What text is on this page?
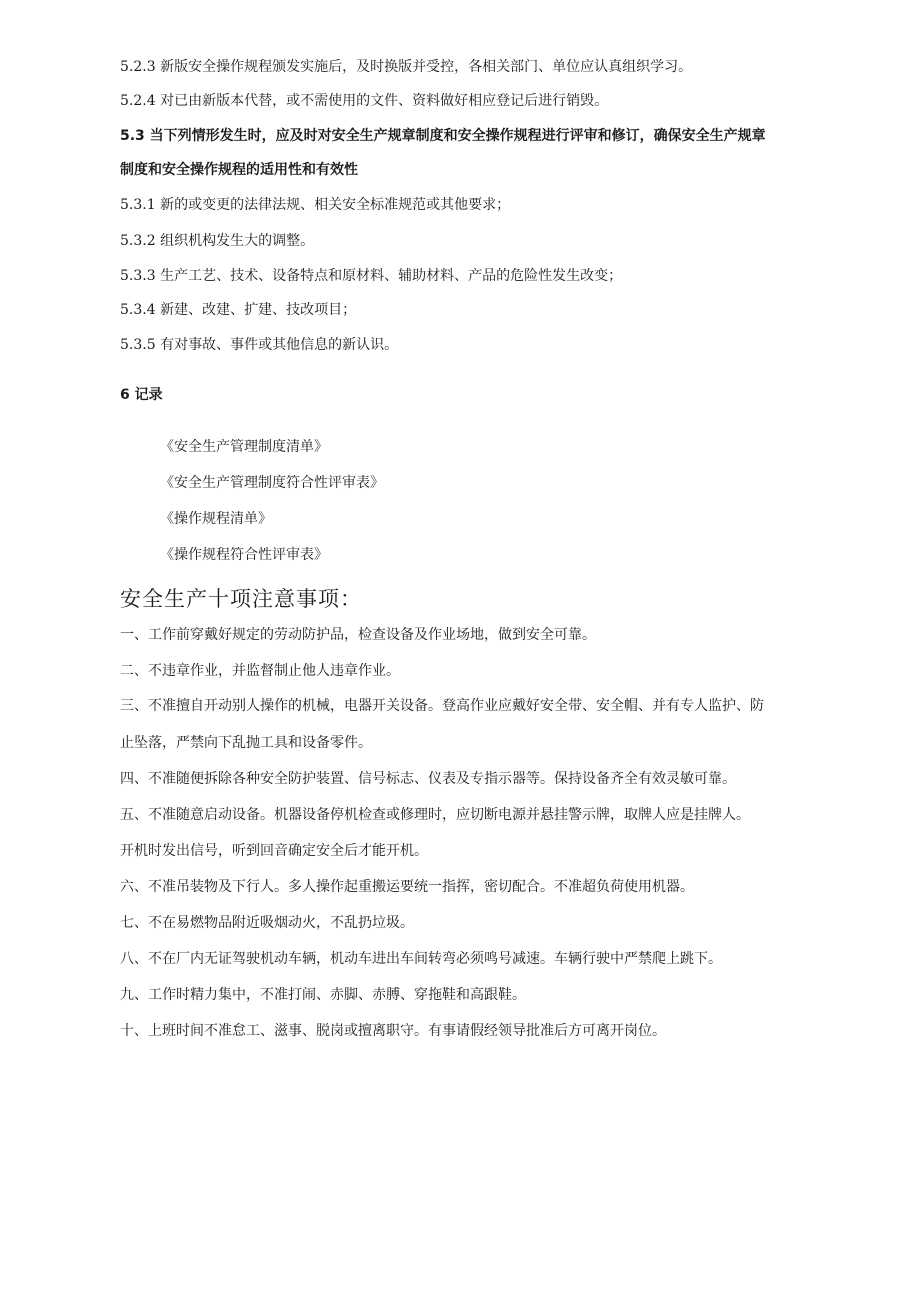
5.2.3 新版安全操作规程颁发实施后，及时换版并受控，各相关部门、单位应认真组织学习。
5.2.4 对已由新版本代替，或不需使用的文件、资料做好相应登记后进行销毁。
5.3 当下列情形发生时，应及时对安全生产规章制度和安全操作规程进行评审和修订，确保安全生产规章
制度和安全操作规程的适用性和有效性
5.3.1 新的或变更的法律法规、相关安全标准规范或其他要求；
5.3.2 组织机构发生大的调整。
5.3.3 生产工艺、技术、设备特点和原材料、辅助材料、产品的危险性发生改变；
5.3.4 新建、改建、扩建、技改项目；
5.3.5 有对事故、事件或其他信息的新认识。
6 记录
《安全生产管理制度清单》
《安全生产管理制度符合性评审表》
《操作规程清单》
《操作规程符合性评审表》
安全生产十项注意事项：
一、工作前穿戴好规定的劳动防护品，检查设备及作业场地，做到安全可靠。
二、不违章作业，并监督制止他人违章作业。
三、不准擅自开动别人操作的机械，电器开关设备。登高作业应戴好安全带、安全帽、并有专人监护、防
止坠落，严禁向下乱抛工具和设备零件。
四、不准随便拆除各种安全防护装置、信号标志、仪表及专指示器等。保持设备齐全有效灵敏可靠。
五、不准随意启动设备。机器设备停机检查或修理时，应切断电源并悬挂警示牌，取牌人应是挂牌人。
开机时发出信号，听到回音确定安全后才能开机。
六、不准吊装物及下行人。多人操作起重搬运要统一指挥，密切配合。不准超负荷使用机器。
七、不在易燃物品附近吸烟动火，不乱扔垃圾。
八、不在厂内无证驾驶机动车辆，机动车进出车间转弯必须鸣号减速。车辆行驶中严禁爬上跳下。
九、工作时精力集中，不准打闹、赤脚、赤膊、穿拖鞋和高跟鞋。
十、上班时间不准怠工、滋事、脱岗或擅离职守。有事请假经领导批准后方可离开岗位。
